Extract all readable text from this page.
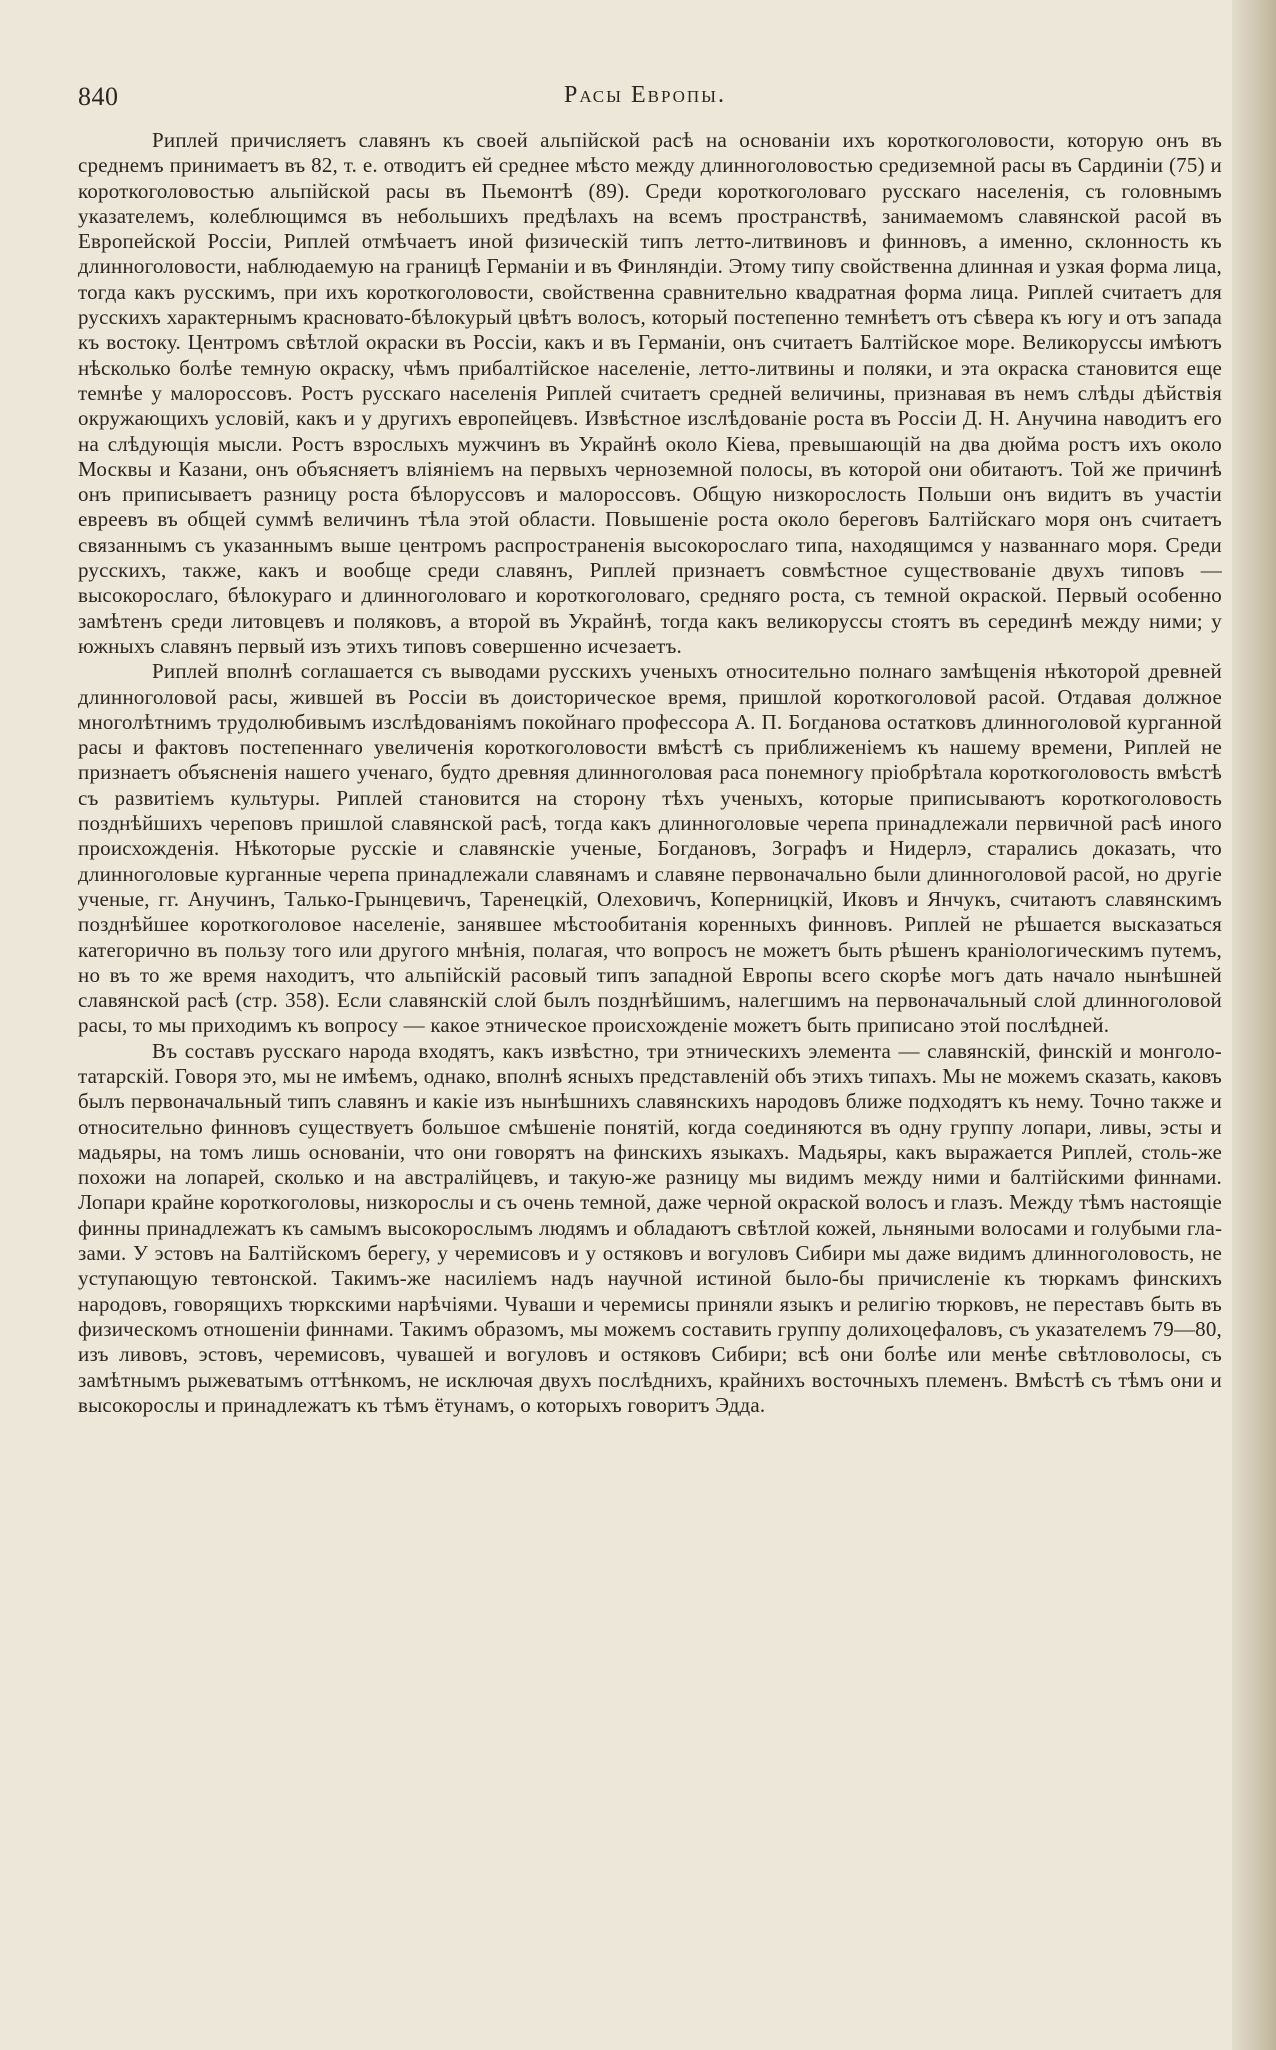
840	Расы Европы.

Риплей причисляетъ славянъ къ своей альпійской расѣ на основаніи ихъ короткоголовости, которую онъ въ среднемъ принимаетъ въ 82, т. е. отводитъ ей среднее мѣсто между длинноголовостью средиземной расы въ Сардиніи (75) и короткоголовостью альпійской расы въ Пьемонтѣ (89). Среди короткоголоваго русскаго населенія, съ головнымъ указателемъ, колеблющимся въ небольшихъ предѣлахъ на всемъ пространствѣ, занимаемомъ славянской расой въ Европейской Россіи, Риплей отмѣчаетъ иной физическій типъ летто-литвиновъ и финновъ, а именно, склонность къ длинноголовости, наблюдаемую на границѣ Германіи и въ Финляндіи. Этому типу свойственна длинная и узкая форма лица, тогда какъ русскимъ, при ихъ короткоголовости, свойственна сравнительно квадратная форма лица. Риплей считаетъ для русскихъ характернымъ красновато-бѣлокурый цвѣтъ волосъ, который постепенно темнѣетъ отъ сѣвера къ югу и отъ запада къ востоку. Центромъ свѣтлой окраски въ Россіи, какъ и въ Германіи, онъ считаетъ Балтійское море. Великоруссы имѣютъ нѣсколько болѣе темную окраску, чѣмъ прибалтійское населеніе, летто-литвины и поляки, и эта окраска становится еще темнѣе у малороссовъ. Ростъ русскаго населенія Риплей считаетъ средней величины, признавая въ немъ слѣды дѣйствія окружающихъ условій, какъ и у другихъ европейцевъ. Извѣстное изслѣдованіе роста въ Россіи Д. Н. Анучина наводитъ его на слѣдующія мысли. Ростъ взрослыхъ мужчинъ въ Украйнѣ около Кіева, превышающій на два дюйма ростъ ихъ около Москвы и Казани, онъ объясняетъ вліяніемъ на первыхъ черноземной полосы, въ которой они обитаютъ. Той же причинѣ онъ приписываетъ разницу роста бѣлоруссовъ и малороссовъ. Общую низкорослость Польши онъ видитъ въ участіи евреевъ въ общей суммѣ величинъ тѣла этой области. Повышеніе роста около береговъ Балтійскаго моря онъ считаетъ связаннымъ съ указаннымъ выше центромъ распространенія высокорослаго типа, находящимся у названнаго моря. Среди русскихъ, также, какъ и вообще среди славянъ, Риплей признаетъ совмѣстное существованіе двухъ типовъ — высокорослаго, бѣлокураго и длинноголоваго и короткоголоваго, средняго роста, съ темной окраской. Первый особенно замѣтенъ среди литовцевъ и поляковъ, а второй въ Украйнѣ, тогда какъ великоруссы стоятъ въ серединѣ между ними; у южныхъ славянъ первый изъ этихъ типовъ совершенно исчезаетъ.

Риплей вполнѣ соглашается съ выводами русскихъ ученыхъ относительно полнаго замѣщенія нѣкоторой древней длинноголовой расы, жившей въ Россіи въ доисторическое время, пришлой короткоголовой расой. Отдавая должное многолѣтнимъ трудолюбивымъ изслѣдованіямъ покойнаго профессора А. П. Богданова остатковъ длинноголовой курганной расы и фактовъ постепеннаго увеличенія короткоголовости вмѣстѣ съ приближеніемъ къ нашему времени, Риплей не признаетъ объясненія нашего ученаго, будто древняя длинноголовая раса понемногу пріобрѣтала короткоголовость вмѣстѣ съ развитіемъ культуры. Риплей становится на сторону тѣхъ ученыхъ, которые приписываютъ короткоголовость позднѣйшихъ черепoвъ пришлой славянской расѣ, тогда какъ длинноголовые черепа принадлежали первичной расѣ иного происхожденія. Нѣкоторые русскіе и славянскіе ученые, Богдановъ, Зографъ и Нидерлэ, старались доказать, что длинноголовые курганные черепа принадлежали славянамъ и славяне первоначально были длинноголовой расой, но другіе ученые, гг. Анучинъ, Талько-Грынцевичъ, Таренецкій, Олеховичъ, Коперницкій, Иковъ и Янчукъ, считаютъ славянскимъ позднѣйшее короткоголовое населеніе, занявшее мѣстообитанія коренныхъ финновъ. Риплей не рѣшается высказаться категорично въ пользу того или другого мнѣнія, полагая, что вопросъ не можетъ быть рѣшенъ краніологическимъ путемъ, но въ то же время находитъ, что альпійскій расовый типъ западной Европы всего скорѣе могъ дать начало нынѣшней славянской расѣ (стр. 358). Если славянскій слой былъ позднѣйшимъ, налегшимъ на первоначальный слой длинноголовой расы, то мы приходимъ къ вопросу — какое этническое происхожденіе можетъ быть приписано этой послѣдней.

Въ составъ русскаго народа входятъ, какъ извѣстно, три этническихъ элемента — славянскій, финскій и монголо-татарскій. Говоря это, мы не имѣемъ, однако, вполнѣ ясныхъ представленій объ этихъ типахъ. Мы не можемъ сказать, каковъ былъ первоначальный типъ славянъ и какіе изъ нынѣшнихъ славянскихъ народовъ ближе подходятъ къ нему. Точно также и относительно финновъ существуетъ большое смѣшеніе понятій, когда соединяются въ одну группу лопари, ливы, эсты и мадьяры, на томъ лишь основаніи, что они говорятъ на финскихъ языкахъ. Мадьяры, какъ выражается Риплей, столь-же похожи на лопарей, сколько и на австралійцевъ, и такую-же разницу мы видимъ между ними и балтійскими финнами. Лопари крайне короткоголовы, низкорослы и съ очень темной, даже черной окраской волосъ и глазъ. Между тѣмъ настоящіе финны принадлежатъ къ самымъ высокорослымъ людямъ и обладаютъ свѣтлой кожей, льняными волосами и голубыми глазами. У эстовъ на Балтійскомъ берегу, у черемисовъ и у остяковъ и вогуловъ Сибири мы даже видимъ длинноголовость, не уступающую тевтонской. Такимъ-же насиліемъ надъ научной истиной было-бы причисленіе къ тюркамъ финскихъ народовъ, говорящихъ тюркскими нарѣчіями. Чуваши и черемисы приняли языкъ и религію тюрковъ, не переставъ быть въ физическомъ отношеніи финнами. Такимъ образомъ, мы можемъ составить группу долихоцефаловъ, съ указателемъ 79—80, изъ ливовъ, эстовъ, черемисовъ, чувашей и вогуловъ и остяковъ Сибири; всѣ они болѣе или менѣе свѣтловолосы, съ замѣтнымъ рыжеватымъ оттѣнкомъ, не исключая двухъ послѣднихъ, крайнихъ восточныхъ племенъ. Вмѣстѣ съ тѣмъ они и высокорослы и принадлежатъ къ тѣмъ ётунамъ, о которыхъ говоритъ Эдда.
